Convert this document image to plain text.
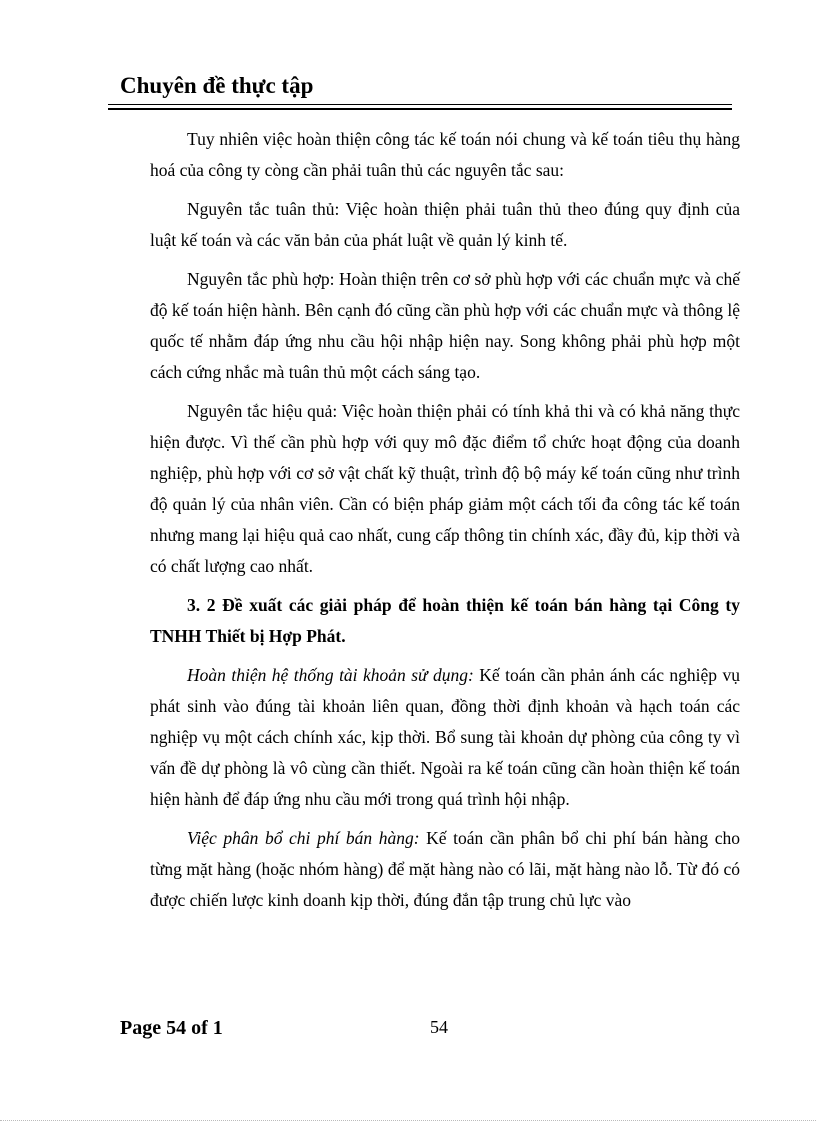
Chuyên đề thực tập

Tuy nhiên việc hoàn thiện công tác kế toán nói chung và kế toán tiêu thụ hàng hoá của công ty còng cần phải tuân thủ các nguyên tắc sau:

Nguyên tắc tuân thủ: Việc hoàn thiện phải tuân thủ theo đúng quy định của luật kế toán và các văn bản của phát luật về quản lý kinh tế.

Nguyên tắc phù hợp: Hoàn thiện trên cơ sở phù hợp với các chuẩn mực và chế độ kế toán hiện hành. Bên cạnh đó cũng cần phù hợp với các chuẩn mực và thông lệ quốc tế nhằm đáp ứng nhu cầu hội nhập hiện nay. Song không phải phù hợp một cách cứng nhắc mà tuân thủ một cách sáng tạo.

Nguyên tắc hiệu quả: Việc hoàn thiện phải có tính khả thi và có khả năng thực hiện được. Vì thế cần phù hợp với quy mô đặc điểm tổ chức hoạt động của doanh nghiệp, phù hợp với cơ sở vật chất kỹ thuật, trình độ bộ máy kế toán cũng như trình độ quản lý của nhân viên. Cần có biện pháp giảm một cách tối đa công tác kế toán nhưng mang lại hiệu quả cao nhất, cung cấp thông tin chính xác, đầy đủ, kịp thời và có chất lượng cao nhất.

3. 2 Đề xuất các giải pháp để hoàn thiện kế toán bán hàng tại Công ty TNHH Thiết bị Hợp Phát.

Hoàn thiện hệ thống tài khoản sử dụng: Kế toán cần phản ánh các nghiệp vụ phát sinh vào đúng tài khoản liên quan, đồng thời định khoản và hạch toán các nghiệp vụ một cách chính xác, kịp thời. Bổ sung tài khoản dự phòng của công ty vì vấn đề dự phòng là vô cùng cần thiết. Ngoài ra kế toán cũng cần hoàn thiện kế toán hiện hành để đáp ứng nhu cầu mới trong quá trình hội nhập.

Việc phân bổ chi phí bán hàng: Kế toán cần phân bổ chi phí bán hàng cho từng mặt hàng (hoặc nhóm hàng) để mặt hàng nào có lãi, mặt hàng nào lỗ. Từ đó có được chiến lược kinh doanh kịp thời, đúng đắn tập trung chủ lực vào

Page 54 of 1	54
